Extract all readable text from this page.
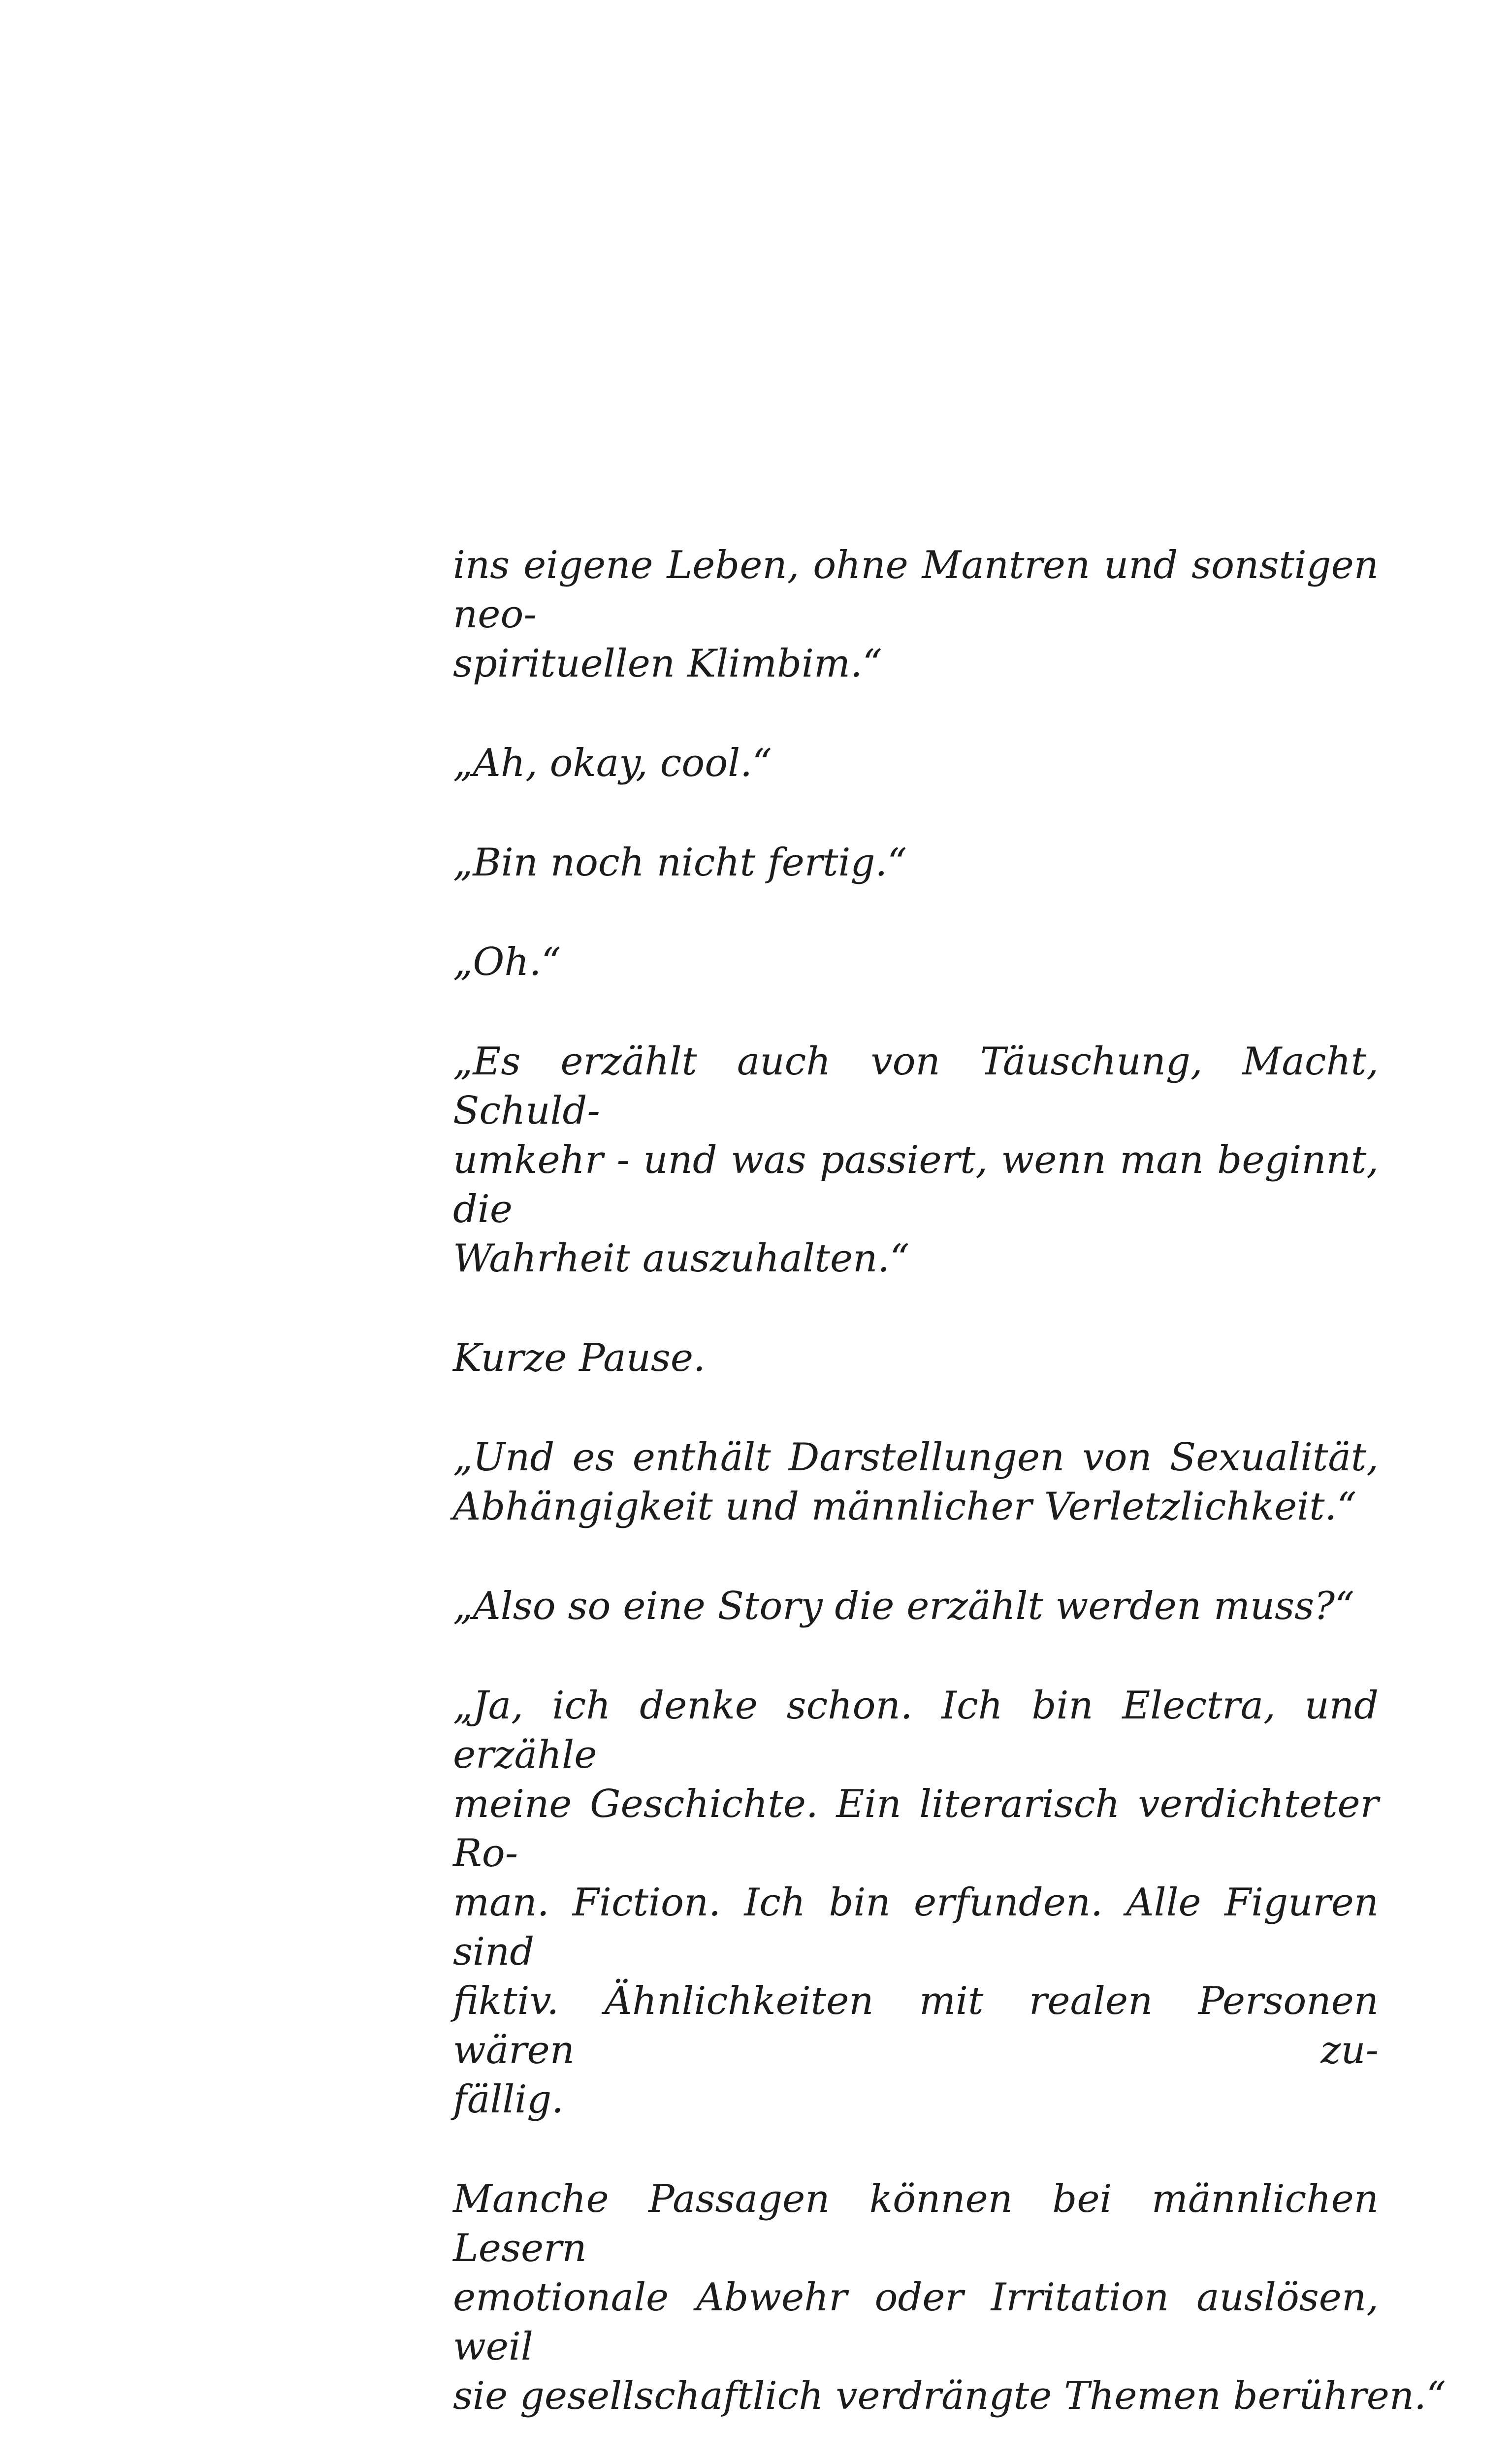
ins eigene Leben, ohne Mantren und sonstigen neo-
spirituellen Klimbim.“

„Ah, okay, cool.“

„Bin noch nicht fertig.“

„Oh.“

„Es erzählt auch von Täuschung, Macht, Schuld-
umkehr - und was passiert, wenn man beginnt, die
Wahrheit auszuhalten.“

Kurze Pause.

„Und es enthält Darstellungen von Sexualität,
Abhängigkeit und männlicher Verletzlichkeit.“

„Also so eine Story die erzählt werden muss?“

„Ja, ich denke schon. Ich bin Electra, und erzähle
meine Geschichte. Ein literarisch verdichteter Ro-
man. Fiction. Ich bin erfunden. Alle Figuren sind
fiktiv. Ähnlichkeiten mit realen Personen wären zu-
fällig.

Manche Passagen können bei männlichen Lesern
emotionale Abwehr oder Irritation auslösen, weil
sie gesellschaftlich verdrängte Themen berühren.“
